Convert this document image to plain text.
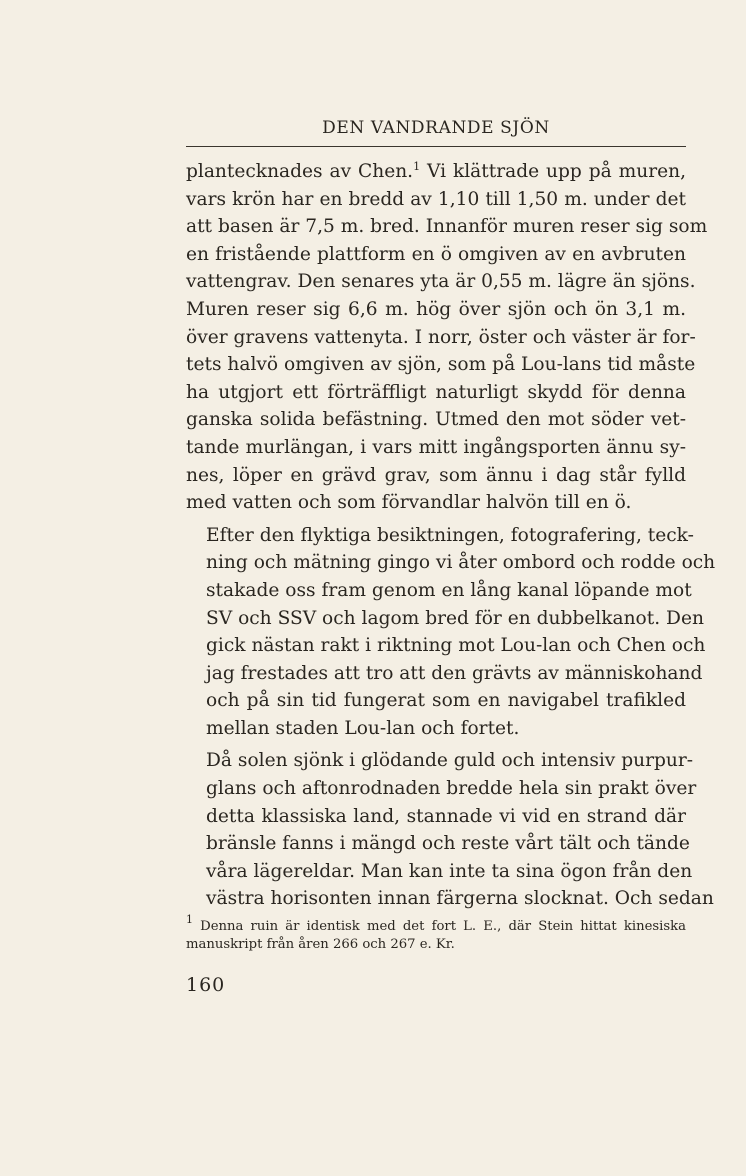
DEN VANDRANDE SJÖN

plantecknades av Chen.$^1$ Vi klättrade upp på muren,
vars krön har en bredd av 1,10 till 1,50 m. under det
att basen är 7,5 m. bred. Innanför muren reser sig som
en fristående plattform en ö omgiven av en avbruten
vattengrav. Den senares yta är 0,55 m. lägre än sjöns.
Muren reser sig 6,6 m. hög över sjön och ön 3,1 m.
över gravens vattenyta. I norr, öster och väster är for-
tets halvö omgiven av sjön, som på Lou-lans tid måste
ha utgjort ett förträffligt naturligt skydd för denna
ganska solida befästning. Utmed den mot söder vet-
tande murlängan, i vars mitt ingångsporten ännu sy-
nes, löper en grävd grav, som ännu i dag står fylld
med vatten och som förvandlar halvön till en ö.

Efter den flyktiga besiktningen, fotografering, teck-
ning och mätning gingo vi åter ombord och rodde och
stakade oss fram genom en lång kanal löpande mot
SV och SSV och lagom bred för en dubbelkanot. Den
gick nästan rakt i riktning mot Lou-lan och Chen och
jag frestades att tro att den grävts av människohand
och på sin tid fungerat som en navigabel trafikled
mellan staden Lou-lan och fortet.

Då solen sjönk i glödande guld och intensiv purpur-
glans och aftonrodnaden bredde hela sin prakt över
detta klassiska land, stannade vi vid en strand där
bränsle fanns i mängd och reste vårt tält och tände
våra lägereldar. Man kan inte ta sina ögon från den
västra horisonten innan färgerna slocknat. Och sedan

$^1$ Denna ruin är identisk med det fort L. E., där Stein hittat kinesiska
manuskript från åren 266 och 267 e. Kr.
160
